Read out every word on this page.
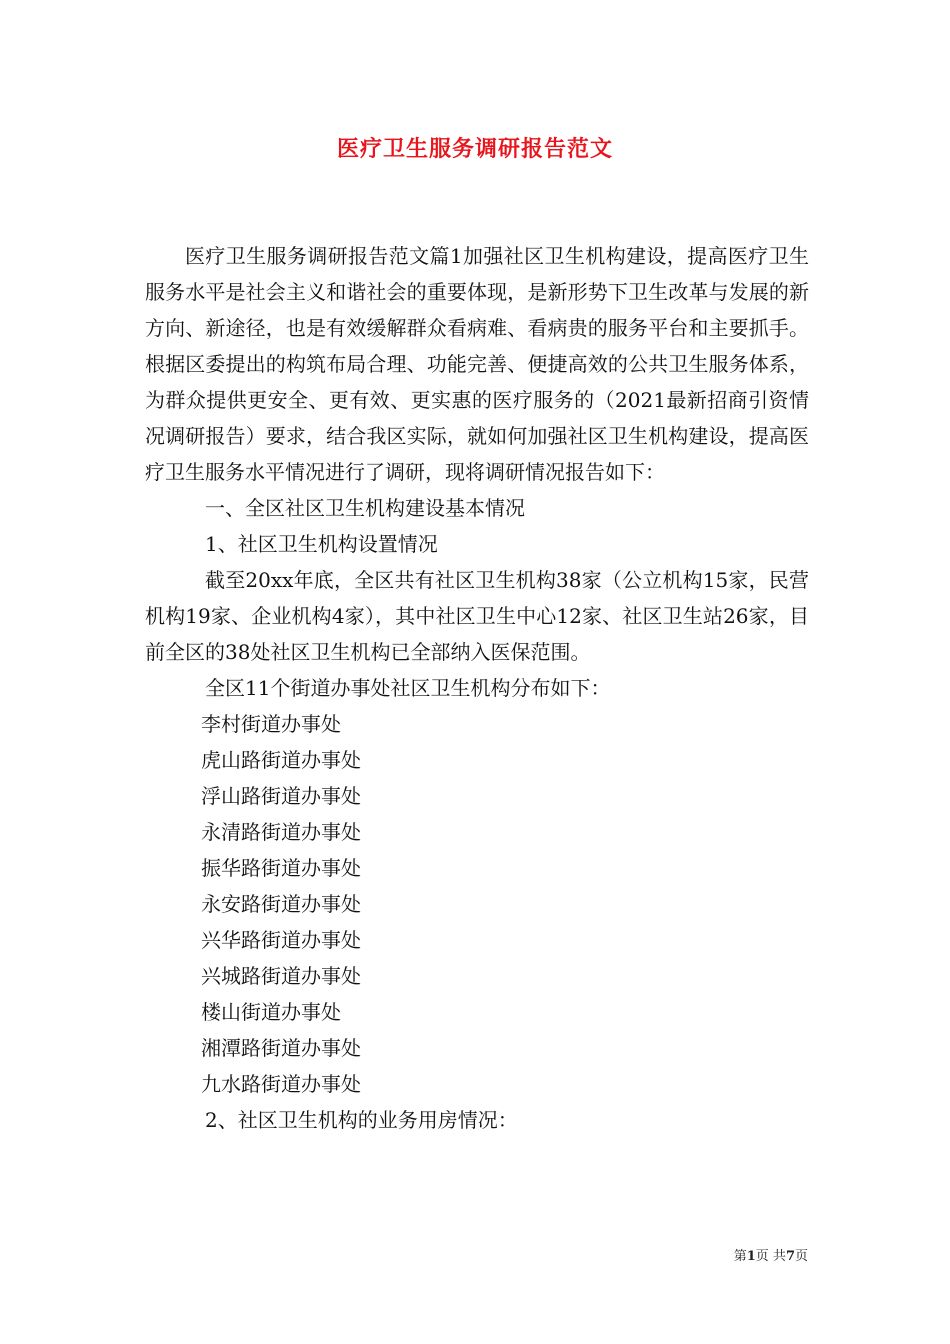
医疗卫生服务调研报告范文

医疗卫生服务调研报告范文篇1加强社区卫生机构建设，提高医疗卫生服务水平是社会主义和谐社会的重要体现，是新形势下卫生改革与发展的新方向、新途径，也是有效缓解群众看病难、看病贵的服务平台和主要抓手。根据区委提出的构筑布局合理、功能完善、便捷高效的公共卫生服务体系，为群众提供更安全、更有效、更实惠的医疗服务的（2021最新招商引资情况调研报告）要求，结合我区实际，就如何加强社区卫生机构建设，提高医疗卫生服务水平情况进行了调研，现将调研情况报告如下：

一、全区社区卫生机构建设基本情况

1、社区卫生机构设置情况

截至20xx年底，全区共有社区卫生机构38家（公立机构15家，民营机构19家、企业机构4家），其中社区卫生中心12家、社区卫生站26家，目前全区的38处社区卫生机构已全部纳入医保范围。

全区11个街道办事处社区卫生机构分布如下：

李村街道办事处
虎山路街道办事处
浮山路街道办事处
永清路街道办事处
振华路街道办事处
永安路街道办事处
兴华路街道办事处
兴城路街道办事处
楼山街道办事处
湘潭路街道办事处
九水路街道办事处

2、社区卫生机构的业务用房情况：

第1页 共7页
